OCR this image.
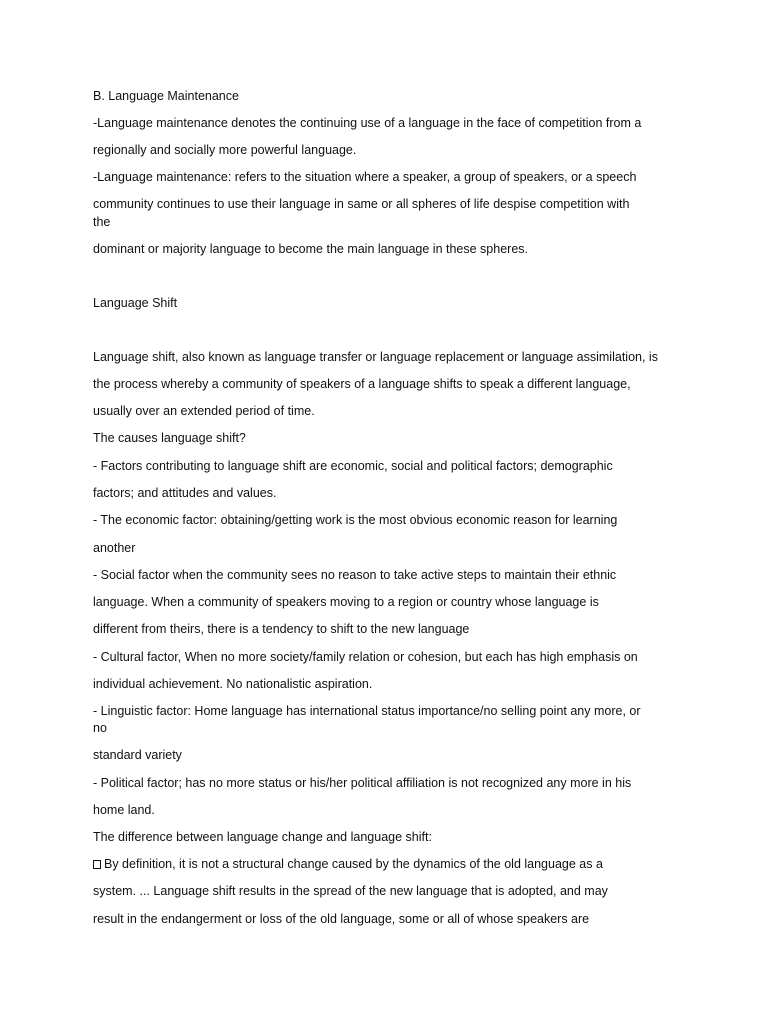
B. Language Maintenance
-Language maintenance denotes the continuing use of a language in the face of competition from a
regionally and socially more powerful language.
-Language maintenance: refers to the situation where a speaker, a group of speakers, or a speech
community continues to use their language in same or all spheres of life despise competition with
the
dominant or majority language to become the main language in these spheres.
Language Shift
Language shift, also known as language transfer or language replacement or language assimilation, is
the process whereby a community of speakers of a language shifts to speak a different language,
usually over an extended period of time.
The causes language shift?
- Factors contributing to language shift are economic, social and political factors; demographic
factors; and attitudes and values.
- The economic factor: obtaining/getting work is the most obvious economic reason for learning
another
- Social factor when the community sees no reason to take active steps to maintain their ethnic
language. When a community of speakers moving to a region or country whose language is
different from theirs, there is a tendency to shift to the new language
- Cultural factor, When no more society/family relation or cohesion, but each has high emphasis on
individual achievement. No nationalistic aspiration.
- Linguistic factor: Home language has international status importance/no selling point any more, or
no
standard variety
- Political factor; has no more status or his/her political affiliation is not recognized any more in his
home land.
The difference between language change and language shift:
By definition, it is not a structural change caused by the dynamics of the old language as a
system. ... Language shift results in the spread of the new language that is adopted, and may
result in the endangerment or loss of the old language, some or all of whose speakers are
